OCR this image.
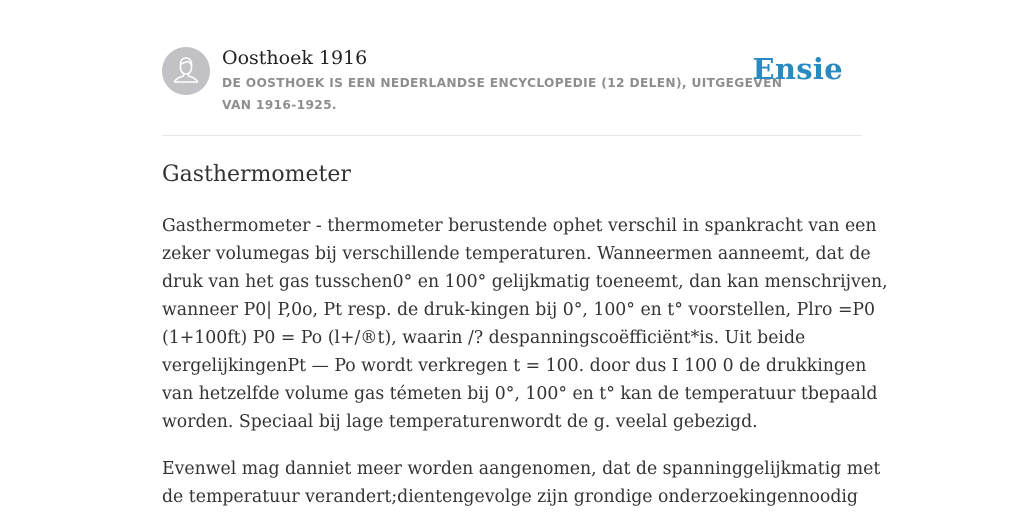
Oosthoek 1916
DE OOSTHOEK IS EEN NEDERLANDSE ENCYCLOPEDIE (12 DELEN), UITGEGEVEN
VAN 1916-1925.
Ensie
Gasthermometer

Gasthermometer - thermometer berustende ophet verschil in spankracht van een
zeker volumegas bij verschillende temperaturen. Wanneermen aanneemt, dat de
druk van het gas tusschen0° en 100° gelijkmatig toeneemt, dan kan menschrijven,
wanneer P0| P,0o, Pt resp. de druk-kingen bij 0°, 100° en t° voorstellen, Plro =P0
(1+100ft) P0 = Po (l+/®t), waarin /? despanningscoëfficiënt*is. Uit beide
vergelijkingenPt — Po wordt verkregen t = 100. door dus I 100 0 de drukkingen
van hetzelfde volume gas témeten bij 0°, 100° en t° kan de temperatuur tbepaald
worden. Speciaal bij lage temperaturenwordt de g. veelal gebezigd.

Evenwel mag danniet meer worden aangenomen, dat de spanninggelijkmatig met
de temperatuur verandert;dientengevolge zijn grondige onderzoekingennoodig
